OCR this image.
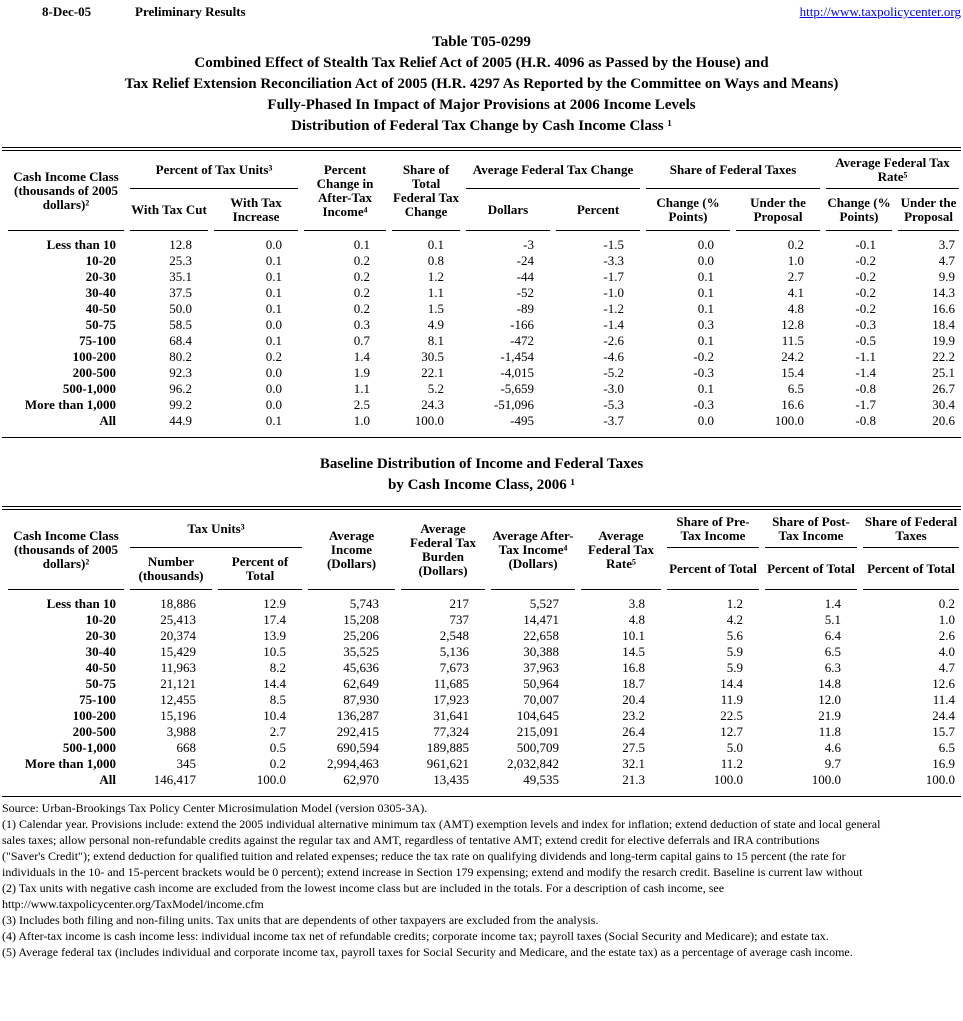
8-Dec-05	Preliminary Results	http://www.taxpolicycenter.org
Table T05-0299
Combined Effect of Stealth Tax Relief Act of 2005 (H.R. 4096 as Passed by the House) and
Tax Relief Extension Reconciliation Act of 2005 (H.R. 4297 As Reported by the Committee on Ways and Means)
Fully-Phased In Impact of Major Provisions at 2006 Income Levels
Distribution of Federal Tax Change by Cash Income Class ¹
Cash Income Class (thousands of 2005 dollars)²	Percent of Tax Units³		Percent Change in After-Tax Income⁴	Share of Total Federal Tax Change	Average Federal Tax Change		Share of Federal Taxes		Average Federal Tax Rate⁵	
	With Tax Cut	With Tax Increase			Dollars	Percent	Change (% Points)	Under the Proposal	Change (% Points)	Under the Proposal
Less than 10	12.8	0.0	0.1	0.1	-3	-1.5	0.0	0.2	-0.1	3.7
10-20	25.3	0.1	0.2	0.8	-24	-3.3	0.0	1.0	-0.2	4.7
20-30	35.1	0.1	0.2	1.2	-44	-1.7	0.1	2.7	-0.2	9.9
30-40	37.5	0.1	0.2	1.1	-52	-1.0	0.1	4.1	-0.2	14.3
40-50	50.0	0.1	0.2	1.5	-89	-1.2	0.1	4.8	-0.2	16.6
50-75	58.5	0.0	0.3	4.9	-166	-1.4	0.3	12.8	-0.3	18.4
75-100	68.4	0.1	0.7	8.1	-472	-2.6	0.1	11.5	-0.5	19.9
100-200	80.2	0.2	1.4	30.5	-1,454	-4.6	-0.2	24.2	-1.1	22.2
200-500	92.3	0.0	1.9	22.1	-4,015	-5.2	-0.3	15.4	-1.4	25.1
500-1,000	96.2	0.0	1.1	5.2	-5,659	-3.0	0.1	6.5	-0.8	26.7
More than 1,000	99.2	0.0	2.5	24.3	-51,096	-5.3	-0.3	16.6	-1.7	30.4
All	44.9	0.1	1.0	100.0	-495	-3.7	0.0	100.0	-0.8	20.6
Baseline Distribution of Income and Federal Taxes
by Cash Income Class, 2006 ¹
Cash Income Class (thousands of 2005 dollars)²	Tax Units³		Average Income (Dollars)	Average Federal Tax Burden (Dollars)	Average After-Tax Income⁴ (Dollars)	Average Federal Tax Rate⁵	Share of Pre-Tax Income	Share of Post-Tax Income	Share of Federal Taxes
	Number (thousands)	Percent of Total					Percent of Total	Percent of Total	Percent of Total
Less than 10	18,886	12.9	5,743	217	5,527	3.8	1.2	1.4	0.2
10-20	25,413	17.4	15,208	737	14,471	4.8	4.2	5.1	1.0
20-30	20,374	13.9	25,206	2,548	22,658	10.1	5.6	6.4	2.6
30-40	15,429	10.5	35,525	5,136	30,388	14.5	5.9	6.5	4.0
40-50	11,963	8.2	45,636	7,673	37,963	16.8	5.9	6.3	4.7
50-75	21,121	14.4	62,649	11,685	50,964	18.7	14.4	14.8	12.6
75-100	12,455	8.5	87,930	17,923	70,007	20.4	11.9	12.0	11.4
100-200	15,196	10.4	136,287	31,641	104,645	23.2	22.5	21.9	24.4
200-500	3,988	2.7	292,415	77,324	215,091	26.4	12.7	11.8	15.7
500-1,000	668	0.5	690,594	189,885	500,709	27.5	5.0	4.6	6.5
More than 1,000	345	0.2	2,994,463	961,621	2,032,842	32.1	11.2	9.7	16.9
All	146,417	100.0	62,970	13,435	49,535	21.3	100.0	100.0	100.0
Source: Urban-Brookings Tax Policy Center Microsimulation Model (version 0305-3A).
(1) Calendar year. Provisions include: extend the 2005 individual alternative minimum tax (AMT) exemption levels and index for inflation; extend deduction of state and local general
sales taxes; allow personal non-refundable credits against the regular tax and AMT, regardless of tentative AMT; extend credit for elective deferrals and IRA contributions
("Saver's Credit"); extend deduction for qualified tuition and related expenses; reduce the tax rate on qualifying dividends and long-term capital gains to 15 percent (the rate for
individuals in the 10- and 15-percent brackets would be 0 percent); extend increase in Section 179 expensing; extend and modify the resarch credit. Baseline is current law without
(2) Tax units with negative cash income are excluded from the lowest income class but are included in the totals. For a description of cash income, see
http://www.taxpolicycenter.org/TaxModel/income.cfm
(3) Includes both filing and non-filing units. Tax units that are dependents of other taxpayers are excluded from the analysis.
(4) After-tax income is cash income less: individual income tax net of refundable credits; corporate income tax; payroll taxes (Social Security and Medicare); and estate tax.
(5) Average federal tax (includes individual and corporate income tax, payroll taxes for Social Security and Medicare, and the estate tax) as a percentage of average cash income.
